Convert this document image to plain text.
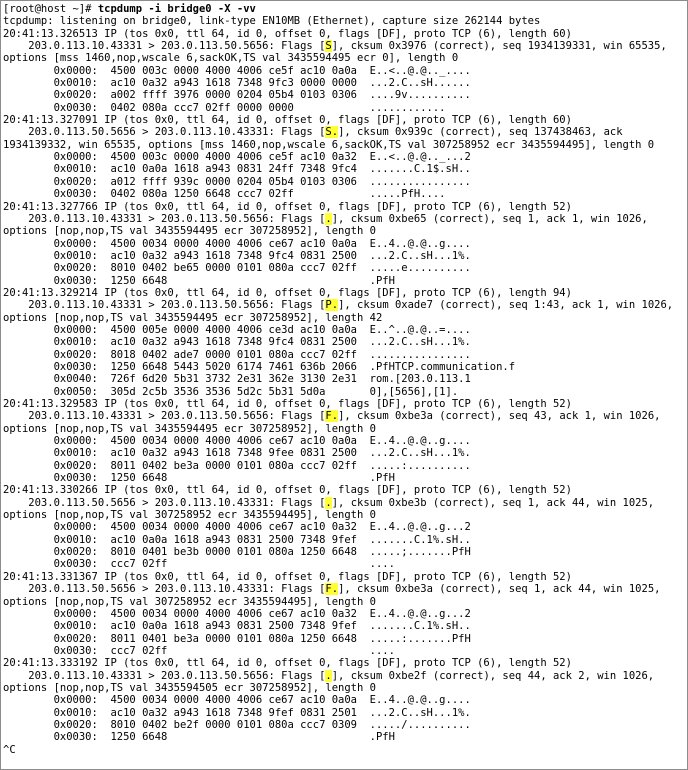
[root@host ~]# tcpdump -i bridge0 -X -vv
tcpdump: listening on bridge0, link-type EN10MB (Ethernet), capture size 262144 bytes
20:41:13.326513 IP (tos 0x0, ttl 64, id 0, offset 0, flags [DF], proto TCP (6), length 60)
203.0.113.10.43331 > 203.0.113.50.5656: Flags [S], cksum 0x3976 (correct), seq 1934139331, win 65535,
options [mss 1460,nop,wscale 6,sackOK,TS val 3435594495 ecr 0], length 0
0x0000:  4500 003c 0000 4000 4006 ce5f ac10 0a0a  E..<..@.@.._....
0x0010:  ac10 0a32 a943 1618 7348 9fc3 0000 0000  ...2.C..sH......
0x0020:  a002 ffff 3976 0000 0204 05b4 0103 0306  ....9v..........
0x0030:  0402 080a ccc7 02ff 0000 0000            ............
20:41:13.327091 IP (tos 0x0, ttl 64, id 0, offset 0, flags [DF], proto TCP (6), length 60)
203.0.113.50.5656 > 203.0.113.10.43331: Flags [S.], cksum 0x939c (correct), seq 137438463, ack
1934139332, win 65535, options [mss 1460,nop,wscale 6,sackOK,TS val 307258952 ecr 3435594495], length 0
0x0000:  4500 003c 0000 4000 4006 ce5f ac10 0a32  E..<..@.@.._...2
0x0010:  ac10 0a0a 1618 a943 0831 24ff 7348 9fc4  .......C.1$.sH..
0x0020:  a012 ffff 939c 0000 0204 05b4 0103 0306  ................
0x0030:  0402 080a 1250 6648 ccc7 02ff            .....PfH....
20:41:13.327766 IP (tos 0x0, ttl 64, id 0, offset 0, flags [DF], proto TCP (6), length 52)
203.0.113.10.43331 > 203.0.113.50.5656: Flags [.], cksum 0xbe65 (correct), seq 1, ack 1, win 1026,
options [nop,nop,TS val 3435594495 ecr 307258952], length 0
0x0000:  4500 0034 0000 4000 4006 ce67 ac10 0a0a  E..4..@.@..g....
0x0010:  ac10 0a32 a943 1618 7348 9fc4 0831 2500  ...2.C..sH...1%.
0x0020:  8010 0402 be65 0000 0101 080a ccc7 02ff  .....e..........
0x0030:  1250 6648                                .PfH
20:41:13.329214 IP (tos 0x0, ttl 64, id 0, offset 0, flags [DF], proto TCP (6), length 94)
203.0.113.10.43331 > 203.0.113.50.5656: Flags [P.], cksum 0xade7 (correct), seq 1:43, ack 1, win 1026,
options [nop,nop,TS val 3435594495 ecr 307258952], length 42
0x0000:  4500 005e 0000 4000 4006 ce3d ac10 0a0a  E..^..@.@..=....
0x0010:  ac10 0a32 a943 1618 7348 9fc4 0831 2500  ...2.C..sH...1%.
0x0020:  8018 0402 ade7 0000 0101 080a ccc7 02ff  ................
0x0030:  1250 6648 5443 5020 6174 7461 636b 2066  .PfHTCP.communication.f
0x0040:  726f 6d20 5b31 3732 2e31 362e 3130 2e31  rom.[203.0.113.1
0x0050:  305d 2c5b 3536 3536 5d2c 5b31 5d0a       0],[5656],[1].
20:41:13.329583 IP (tos 0x0, ttl 64, id 0, offset 0, flags [DF], proto TCP (6), length 52)
203.0.113.10.43331 > 203.0.113.50.5656: Flags [F.], cksum 0xbe3a (correct), seq 43, ack 1, win 1026,
options [nop,nop,TS val 3435594495 ecr 307258952], length 0
0x0000:  4500 0034 0000 4000 4006 ce67 ac10 0a0a  E..4..@.@..g....
0x0010:  ac10 0a32 a943 1618 7348 9fee 0831 2500  ...2.C..sH...1%.
0x0020:  8011 0402 be3a 0000 0101 080a ccc7 02ff  .....:..........
0x0030:  1250 6648                                .PfH
20:41:13.330266 IP (tos 0x0, ttl 64, id 0, offset 0, flags [DF], proto TCP (6), length 52)
203.0.113.50.5656 > 203.0.113.10.43331: Flags [.], cksum 0xbe3b (correct), seq 1, ack 44, win 1025,
options [nop,nop,TS val 307258952 ecr 3435594495], length 0
0x0000:  4500 0034 0000 4000 4006 ce67 ac10 0a32  E..4..@.@..g...2
0x0010:  ac10 0a0a 1618 a943 0831 2500 7348 9fef  .......C.1%.sH..
0x0020:  8010 0401 be3b 0000 0101 080a 1250 6648  .....;.......PfH
0x0030:  ccc7 02ff                                ....
20:41:13.331367 IP (tos 0x0, ttl 64, id 0, offset 0, flags [DF], proto TCP (6), length 52)
203.0.113.50.5656 > 203.0.113.10.43331: Flags [F.], cksum 0xbe3a (correct), seq 1, ack 44, win 1025,
options [nop,nop,TS val 307258952 ecr 3435594495], length 0
0x0000:  4500 0034 0000 4000 4006 ce67 ac10 0a32  E..4..@.@..g...2
0x0010:  ac10 0a0a 1618 a943 0831 2500 7348 9fef  .......C.1%.sH..
0x0020:  8011 0401 be3a 0000 0101 080a 1250 6648  .....:.......PfH
0x0030:  ccc7 02ff                                ....
20:41:13.333192 IP (tos 0x0, ttl 64, id 0, offset 0, flags [DF], proto TCP (6), length 52)
203.0.113.10.43331 > 203.0.113.50.5656: Flags [.], cksum 0xbe2f (correct), seq 44, ack 2, win 1026,
options [nop,nop,TS val 3435594505 ecr 307258952], length 0
0x0000:  4500 0034 0000 4000 4006 ce67 ac10 0a0a  E..4..@.@..g....
0x0010:  ac10 0a32 a943 1618 7348 9fef 0831 2501  ...2.C..sH...1%.
0x0020:  8010 0402 be2f 0000 0101 080a ccc7 0309  ...../..........
0x0030:  1250 6648                                .PfH
^C
